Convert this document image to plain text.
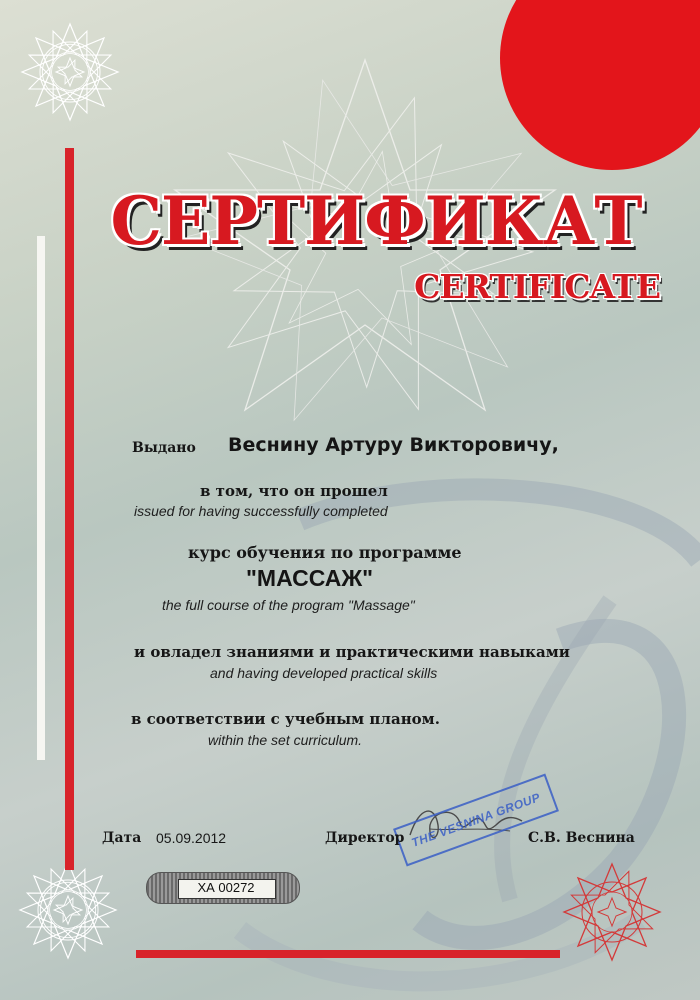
СЕРТИФИКАТ
CERTIFICATE
Выдано Веснину Артуру Викторовичу,
в том, что он прошел
issued for having successfully completed
курс обучения по программе
"МАССАЖ"
the full course of the program "Massage"
и овладел знаниями и практическими навыками
and having developed practical skills
в соответствии с учебным планом.
within the set curriculum.
Дата 05.09.2012	THE VESNINA GROUP
Директор	С.В. Веснина
ХА 00272
